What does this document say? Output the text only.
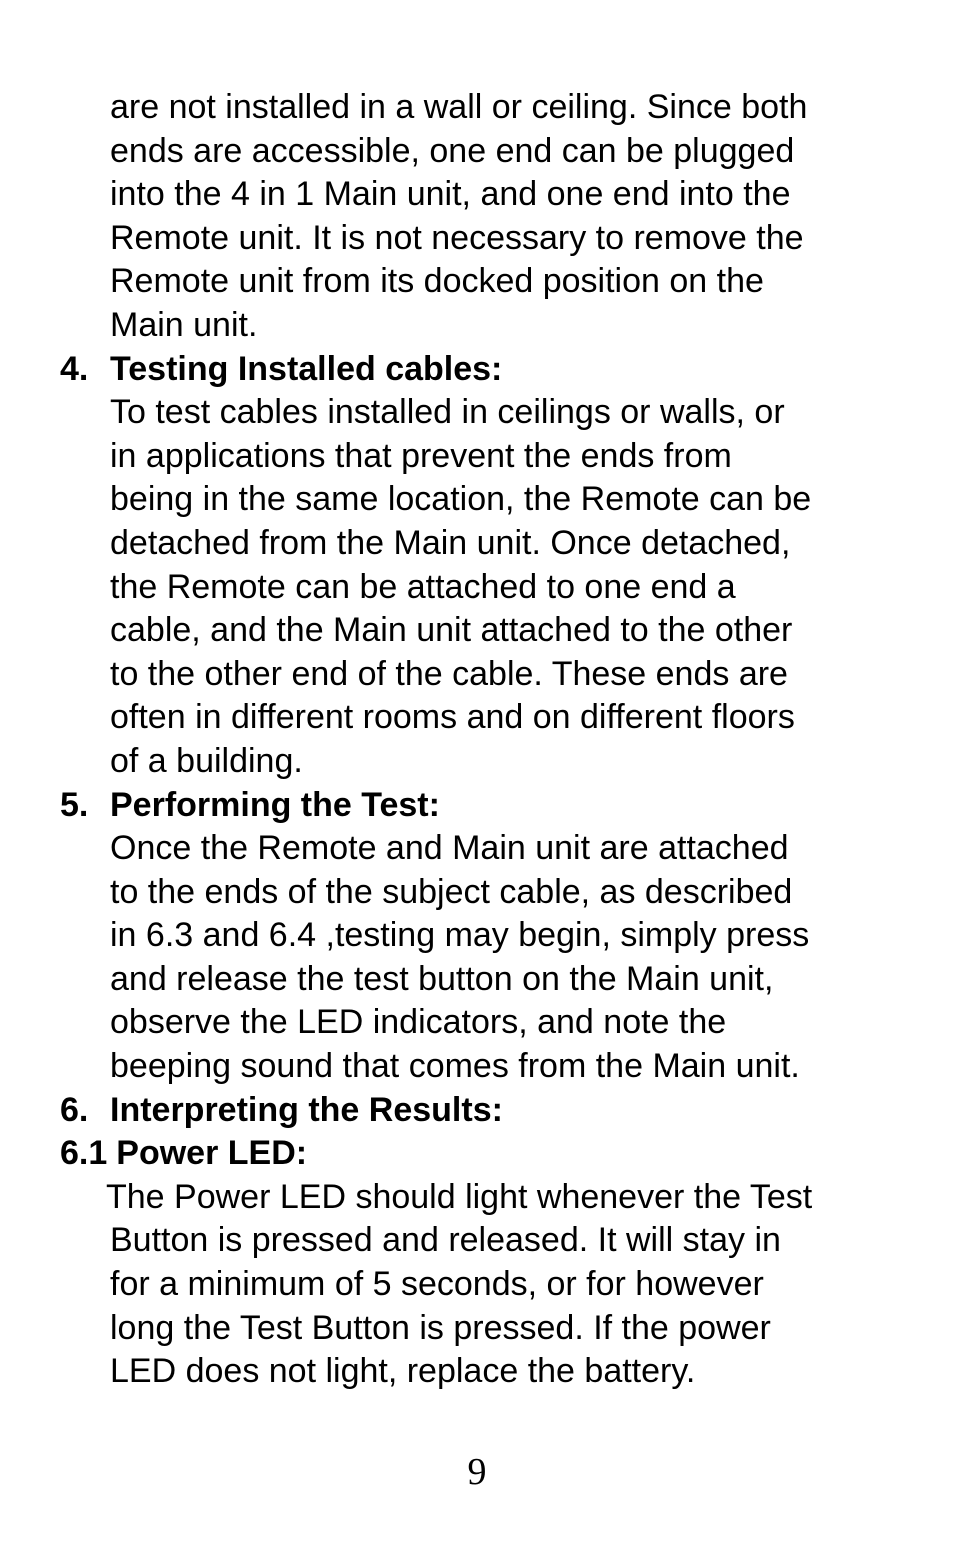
are not installed in a wall or ceiling. Since both
ends are accessible, one end can be plugged
into the 4 in 1 Main unit, and one end into the
Remote unit. It is not necessary to remove the
Remote unit from its docked position on the
Main unit.
4. Testing Installed cables:
To test cables installed in ceilings or walls, or
in applications that prevent the ends from
being in the same location, the Remote can be
detached from the Main unit. Once detached,
the Remote can be attached to one end a
cable, and the Main unit attached to the other
to the other end of the cable. These ends are
often in different rooms and on different floors
of a building.
5. Performing the Test:
Once the Remote and Main unit are attached
to the ends of the subject cable, as described
in 6.3 and 6.4 ,testing may begin, simply press
and release the test button on the Main unit,
observe the LED indicators, and note the
beeping sound that comes from the Main unit.
6. Interpreting the Results:
6.1 Power LED:
The Power LED should light whenever the Test
Button is pressed and released. It will stay in
for a minimum of 5 seconds, or for however
long the Test Button is pressed. If the power
LED does not light, replace the battery.
9
